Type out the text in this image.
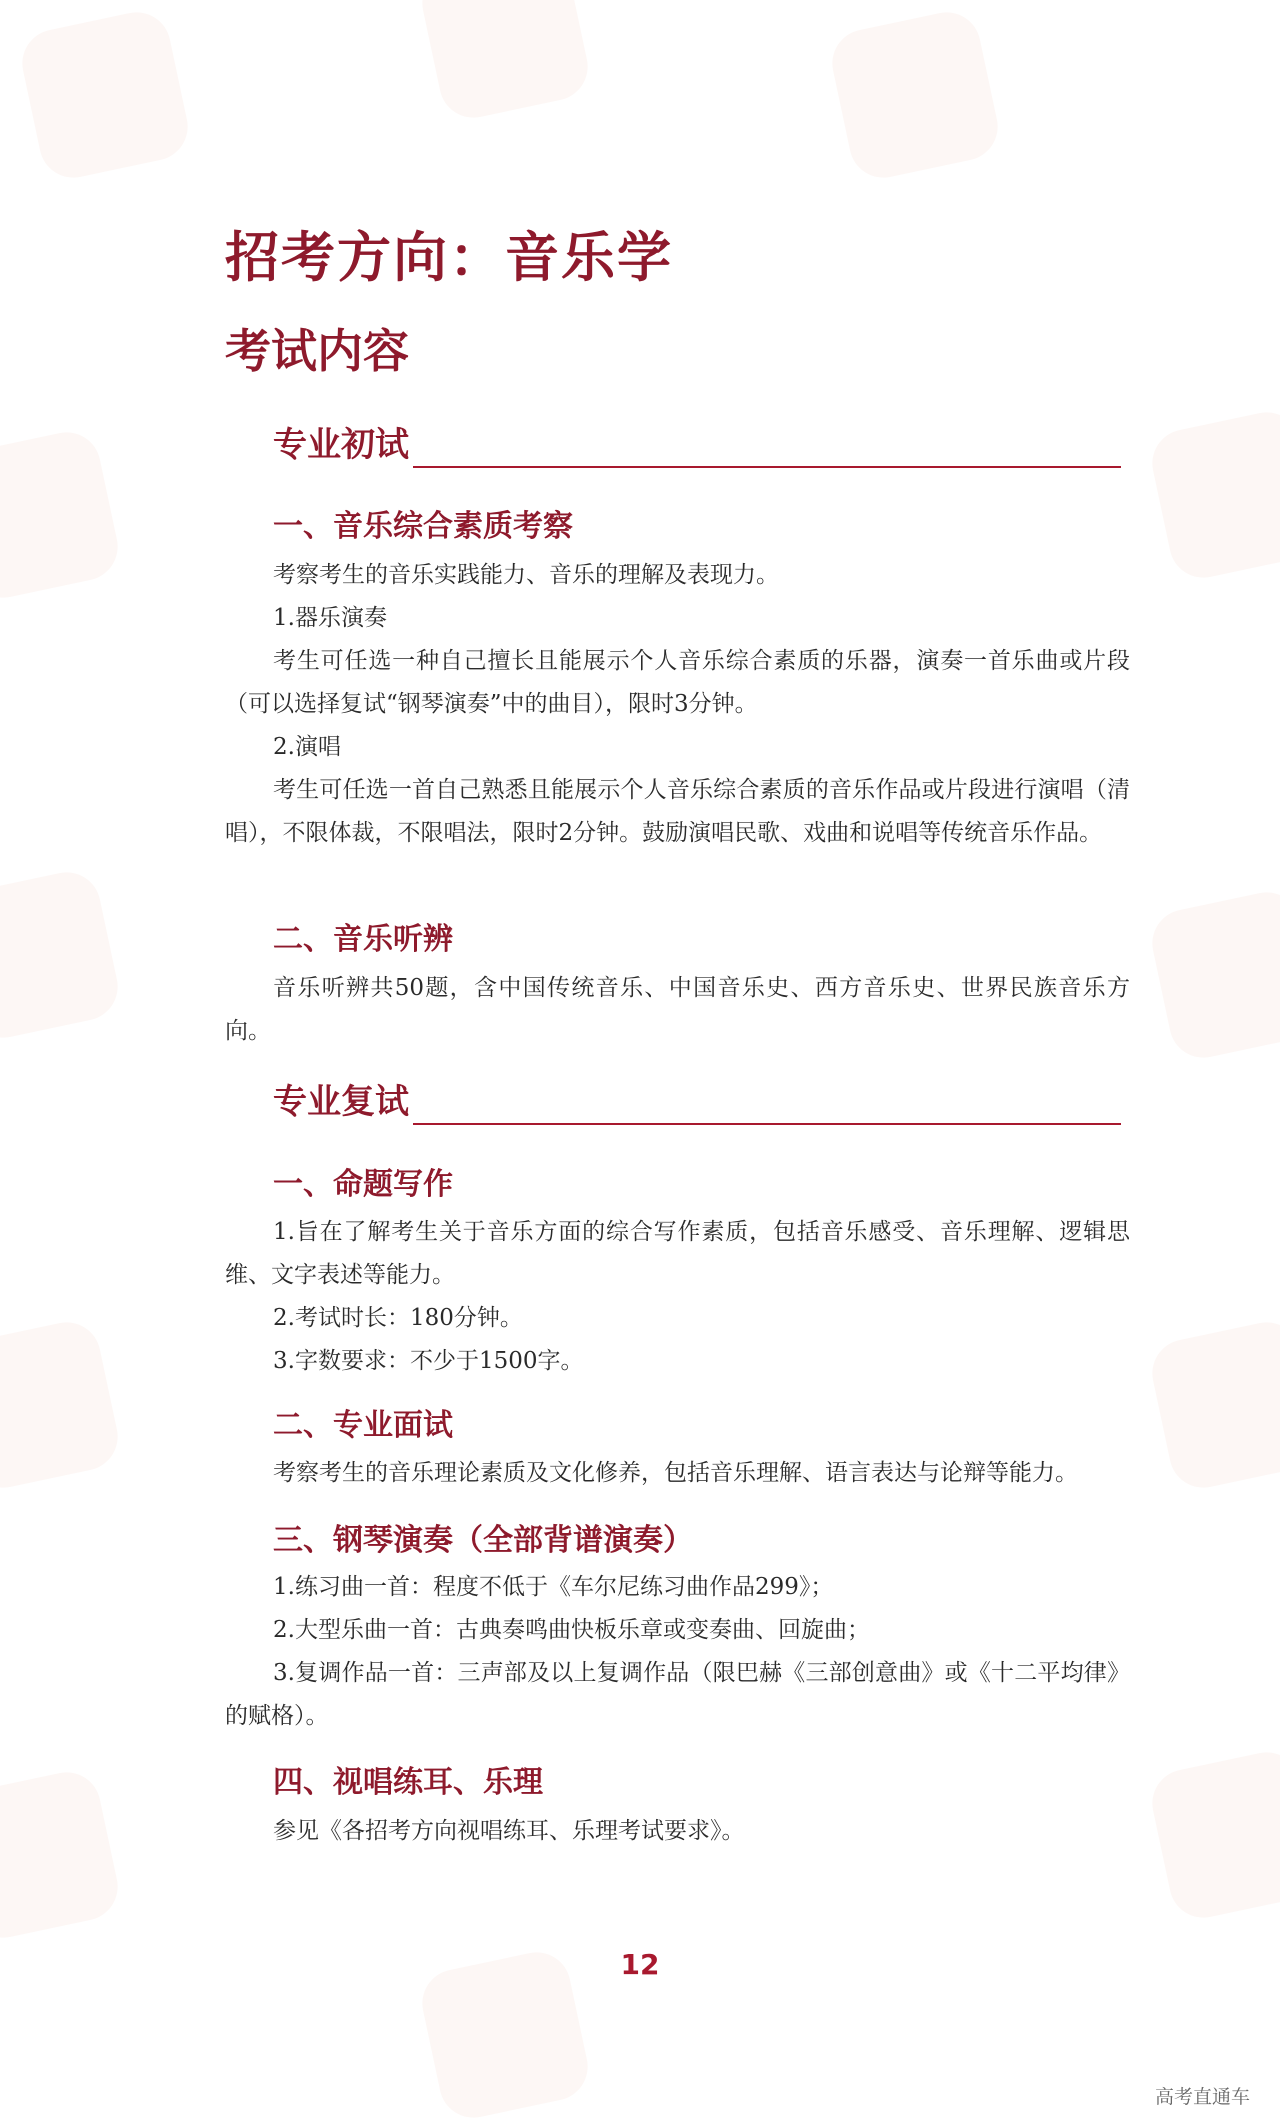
招考方向：音乐学
考试内容
专业初试
一、音乐综合素质考察

考察考生的音乐实践能力、音乐的理解及表现力。

1.器乐演奏

考生可任选一种自己擅长且能展示个人音乐综合素质的乐器，演奏一首乐曲或片段（可以选择复试“钢琴演奏”中的曲目），限时3分钟。

2.演唱

考生可任选一首自己熟悉且能展示个人音乐综合素质的音乐作品或片段进行演唱（清唱），不限体裁，不限唱法，限时2分钟。鼓励演唱民歌、戏曲和说唱等传统音乐作品。

二、音乐听辨

音乐听辨共50题，含中国传统音乐、中国音乐史、西方音乐史、世界民族音乐方向。

专业复试
一、命题写作

1.旨在了解考生关于音乐方面的综合写作素质，包括音乐感受、音乐理解、逻辑思维、文字表述等能力。

2.考试时长：180分钟。

3.字数要求：不少于1500字。

二、专业面试

考察考生的音乐理论素质及文化修养，包括音乐理解、语言表达与论辩等能力。

三、钢琴演奏（全部背谱演奏）

1.练习曲一首：程度不低于《车尔尼练习曲作品299》；

2.大型乐曲一首：古典奏鸣曲快板乐章或变奏曲、回旋曲；

3.复调作品一首：三声部及以上复调作品（限巴赫《三部创意曲》或《十二平均律》的赋格）。

四、视唱练耳、乐理

参见《各招考方向视唱练耳、乐理考试要求》。

12
高考直通车
